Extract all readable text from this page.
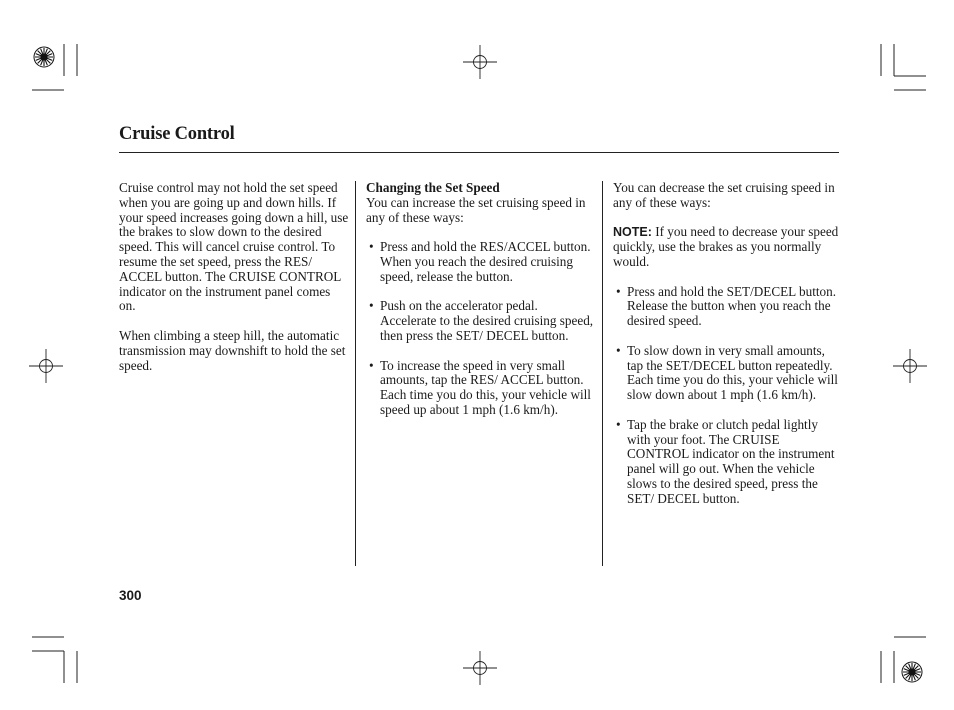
Cruise Control

Cruise control may not hold the set speed when you are going up and down hills. If your speed increases going down a hill, use the brakes to slow down to the desired speed. This will cancel cruise control. To resume the set speed, press the RES/ ACCEL button. The CRUISE CONTROL indicator on the instrument panel comes on.

When climbing a steep hill, the automatic transmission may downshift to hold the set speed.

Changing the Set Speed

You can increase the set cruising speed in any of these ways:

• Press and hold the RES/ACCEL button. When you reach the desired cruising speed, release the button.
• Push on the accelerator pedal. Accelerate to the desired cruising speed, then press the SET/ DECEL button.
• To increase the speed in very small amounts, tap the RES/ ACCEL button. Each time you do this, your vehicle will speed up about 1 mph (1.6 km/h).

You can decrease the set cruising speed in any of these ways:

NOTE: If you need to decrease your speed quickly, use the brakes as you normally would.

• Press and hold the SET/DECEL button. Release the button when you reach the desired speed.
• To slow down in very small amounts, tap the SET/DECEL button repeatedly. Each time you do this, your vehicle will slow down about 1 mph (1.6 km/h).
• Tap the brake or clutch pedal lightly with your foot. The CRUISE CONTROL indicator on the instrument panel will go out. When the vehicle slows to the desired speed, press the SET/ DECEL button.
300
